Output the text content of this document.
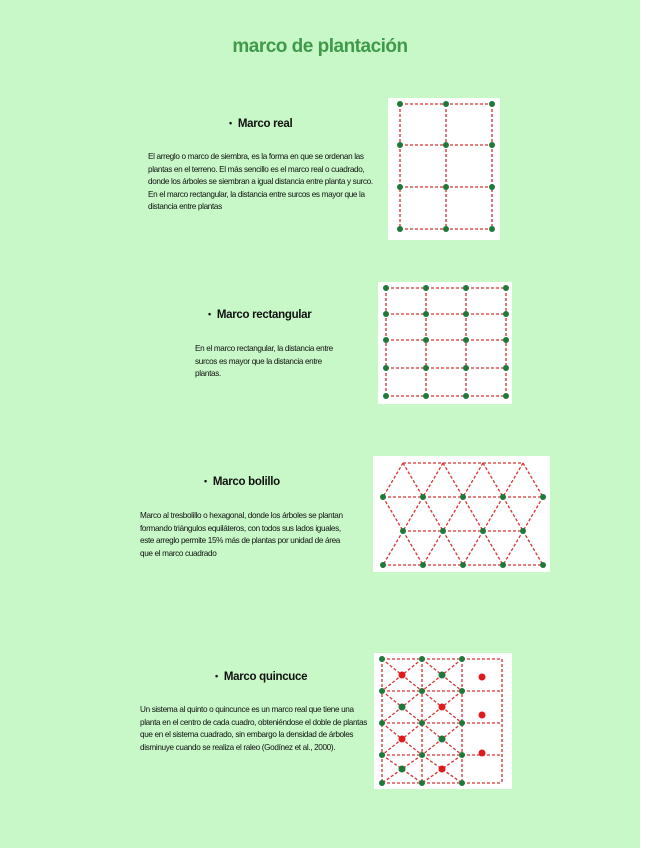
marco de plantación
• Marco real
El arreglo o marco de siembra, es la forma en que se ordenan las plantas en el terreno. El más sencillo es el marco real o cuadrado, donde los árboles se siembran a igual distancia entre planta y surco. En el marco rectangular, la distancia entre surcos es mayor que la distancia entre plantas
• Marco rectangular
En el marco rectangular, la distancia entre surcos es mayor que la distancia entre plantas.
• Marco bolillo
Marco al tresbolillo o hexagonal, donde los árboles se plantan formando triángulos equiláteros, con todos sus lados iguales, este arreglo permite 15% más de plantas por unidad de área que el marco cuadrado
• Marco quincuce
Un sistema al quinto o quincunce es un marco real que tiene una planta en el centro de cada cuadro, obteniéndose el doble de plantas que en el sistema cuadrado, sin embargo la densidad de árboles disminuye cuando se realiza el raleo (Godínez et al., 2000).
